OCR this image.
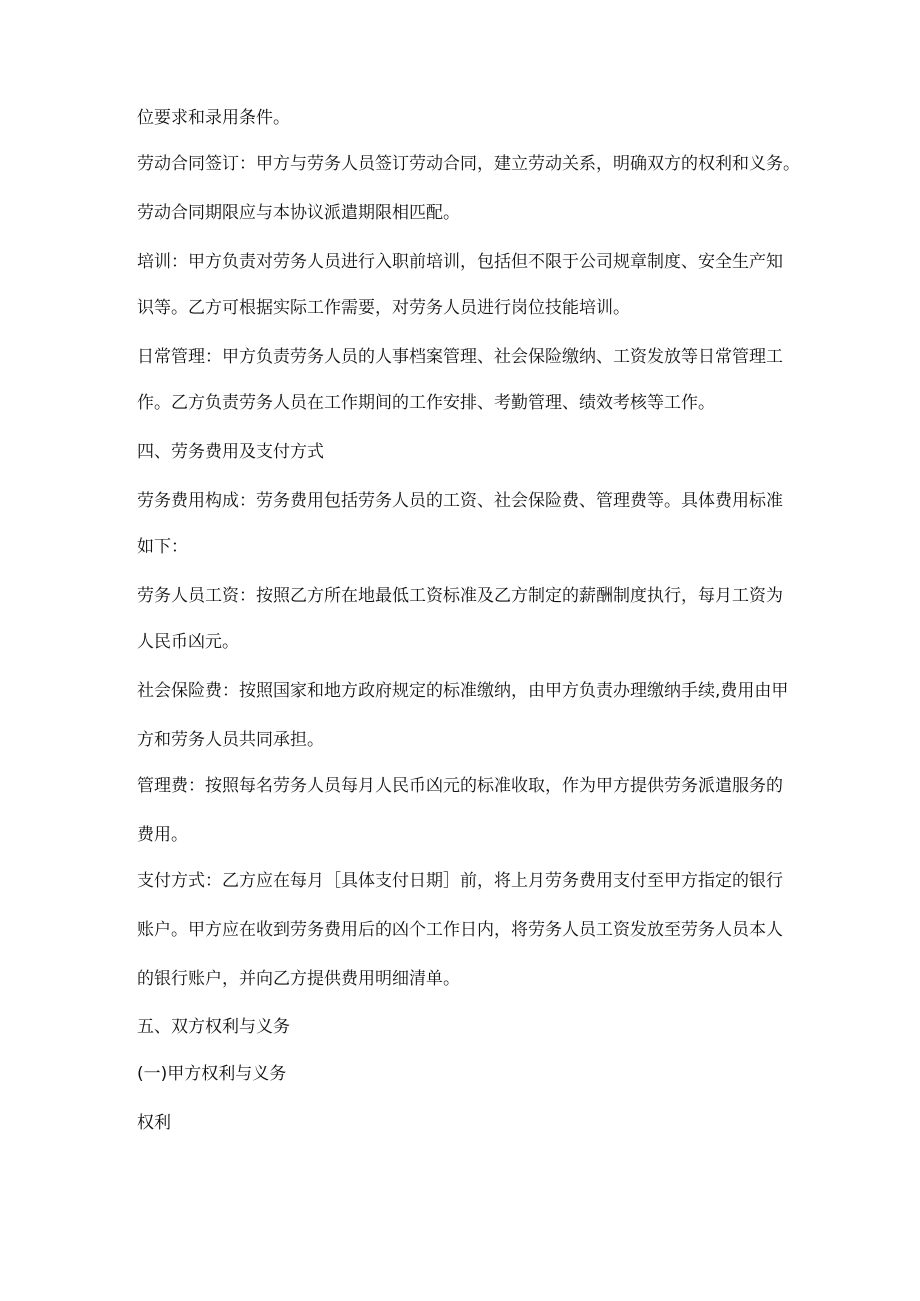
位要求和录用条件。
劳动合同签订：甲方与劳务人员签订劳动合同，建立劳动关系，明确双方的权利和义务。
劳动合同期限应与本协议派遣期限相匹配。
培训：甲方负责对劳务人员进行入职前培训，包括但不限于公司规章制度、安全生产知
识等。乙方可根据实际工作需要，对劳务人员进行岗位技能培训。
日常管理：甲方负责劳务人员的人事档案管理、社会保险缴纳、工资发放等日常管理工
作。乙方负责劳务人员在工作期间的工作安排、考勤管理、绩效考核等工作。
四、劳务费用及支付方式
劳务费用构成：劳务费用包括劳务人员的工资、社会保险费、管理费等。具体费用标准
如下：
劳务人员工资：按照乙方所在地最低工资标准及乙方制定的薪酬制度执行，每月工资为
人民币凶元。
社会保险费：按照国家和地方政府规定的标准缴纳，由甲方负责办理缴纳手续,费用由甲
方和劳务人员共同承担。
管理费：按照每名劳务人员每月人民币凶元的标准收取，作为甲方提供劳务派遣服务的
费用。
支付方式：乙方应在每月［具体支付日期］前，将上月劳务费用支付至甲方指定的银行
账户。甲方应在收到劳务费用后的凶个工作日内，将劳务人员工资发放至劳务人员本人
的银行账户，并向乙方提供费用明细清单。
五、双方权利与义务
(一)甲方权利与义务
权利
